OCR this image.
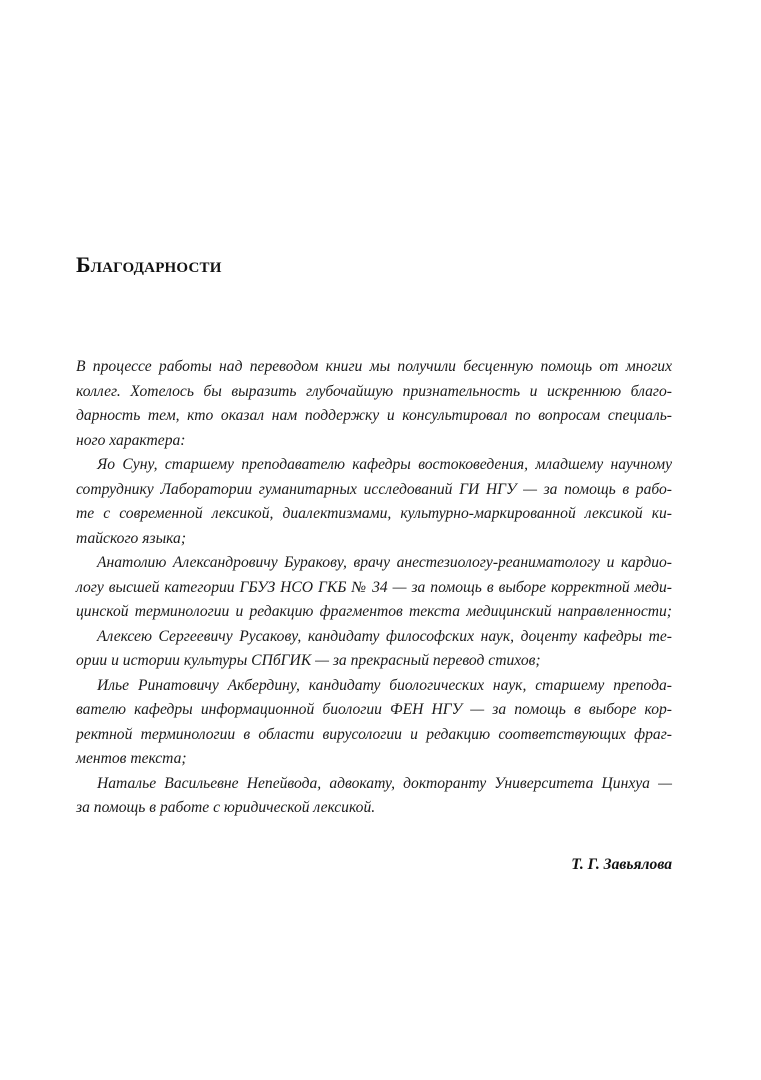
Благодарности
В процессе работы над переводом книги мы получили бесценную помощь от многих
коллег. Хотелось бы выразить глубочайшую признательность и искреннюю благо-
дарность тем, кто оказал нам поддержку и консультировал по вопросам специаль-
ного характера:
Яо Суну, старшему преподавателю кафедры востоковедения, младшему научному
сотруднику Лаборатории гуманитарных исследований ГИ НГУ — за помощь в рабо-
те с современной лексикой, диалектизмами, культурно-маркированной лексикой ки-
тайского языка;
Анатолию Александровичу Буракову, врачу анестезиологу-реаниматологу и кардио-
логу высшей категории ГБУЗ НСО ГКБ № 34 — за помощь в выборе корректной меди-
цинской терминологии и редакцию фрагментов текста медицинский направленности;
Алексею Сергеевичу Русакову, кандидату философских наук, доценту кафедры те-
ории и истории культуры СПбГИК — за прекрасный перевод стихов;
Илье Ринатовичу Акбердину, кандидату биологических наук, старшему препода-
вателю кафедры информационной биологии ФЕН НГУ — за помощь в выборе кор-
ректной терминологии в области вирусологии и редакцию соответствующих фраг-
ментов текста;
Наталье Васильевне Непейвода, адвокату, докторанту Университета Цинхуа —
за помощь в работе с юридической лексикой.

Т. Г. Завьялова
